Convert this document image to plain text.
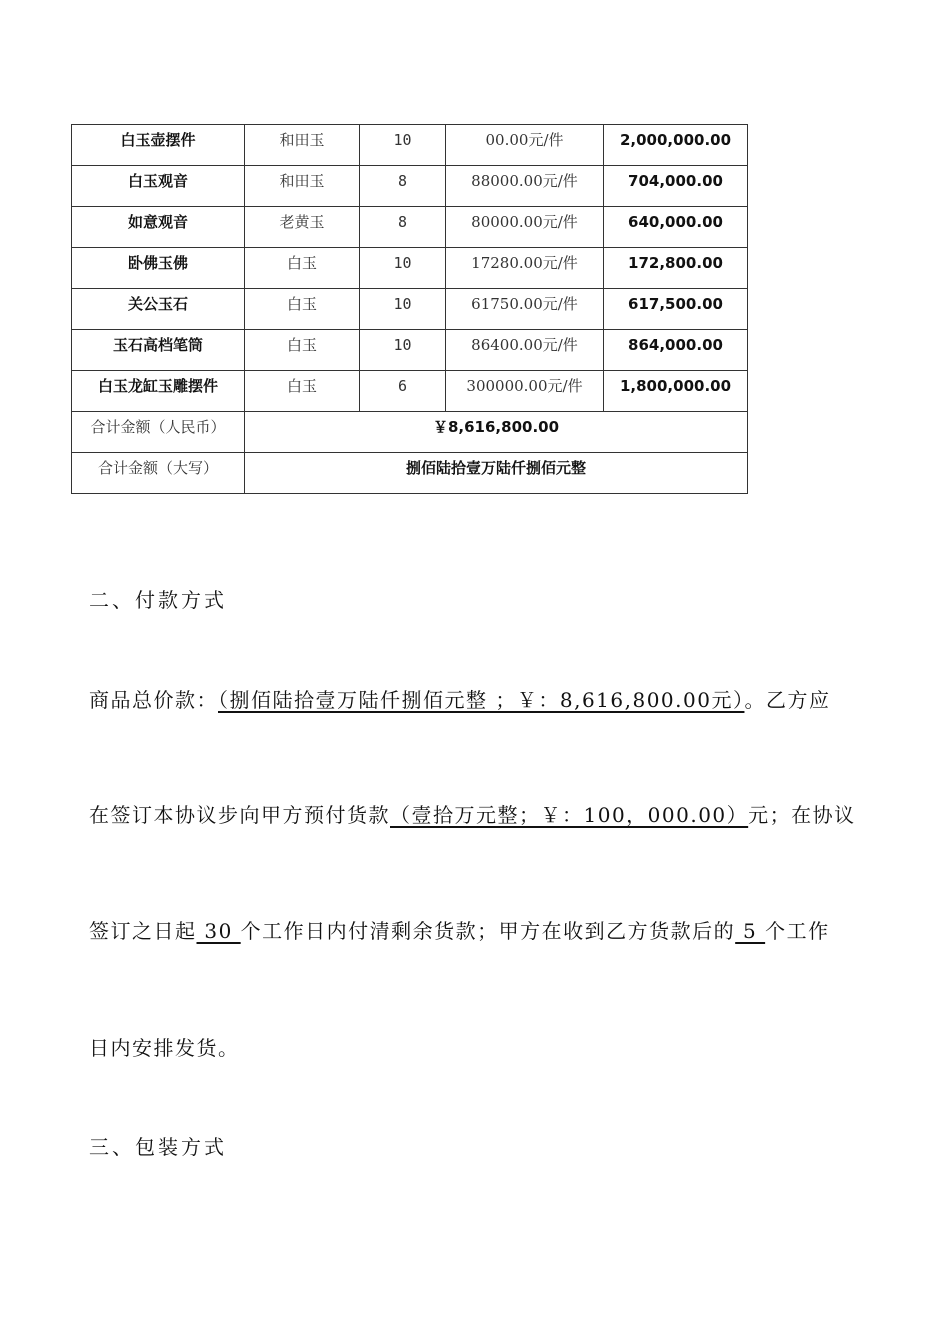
白玉壶摆件	和田玉	10	00.00元/件	2,000,000.00
白玉观音	和田玉	8	88000.00元/件	704,000.00
如意观音	老黄玉	8	80000.00元/件	640,000.00
卧佛玉佛	白玉	10	17280.00元/件	172,800.00
关公玉石	白玉	10	61750.00元/件	617,500.00
玉石高档笔筒	白玉	10	86400.00元/件	864,000.00
白玉龙缸玉雕摆件	白玉	6	300000.00元/件	1,800,000.00
合计金额（人民币）	￥8,616,800.00			
合计金额（大写）	捌佰陆拾壹万陆仟捌佰元整			
二、付款方式
商品总价款：（捌佰陆拾壹万陆仟捌佰元整 ；￥：8,616,800.00元）。乙方应
在签订本协议步向甲方预付货款（壹拾万元整；￥：100，000.00）元；在协议
签订之日起 30 个工作日内付清剩余货款；甲方在收到乙方货款后的 5 个工作
日内安排发货。
三、包装方式
